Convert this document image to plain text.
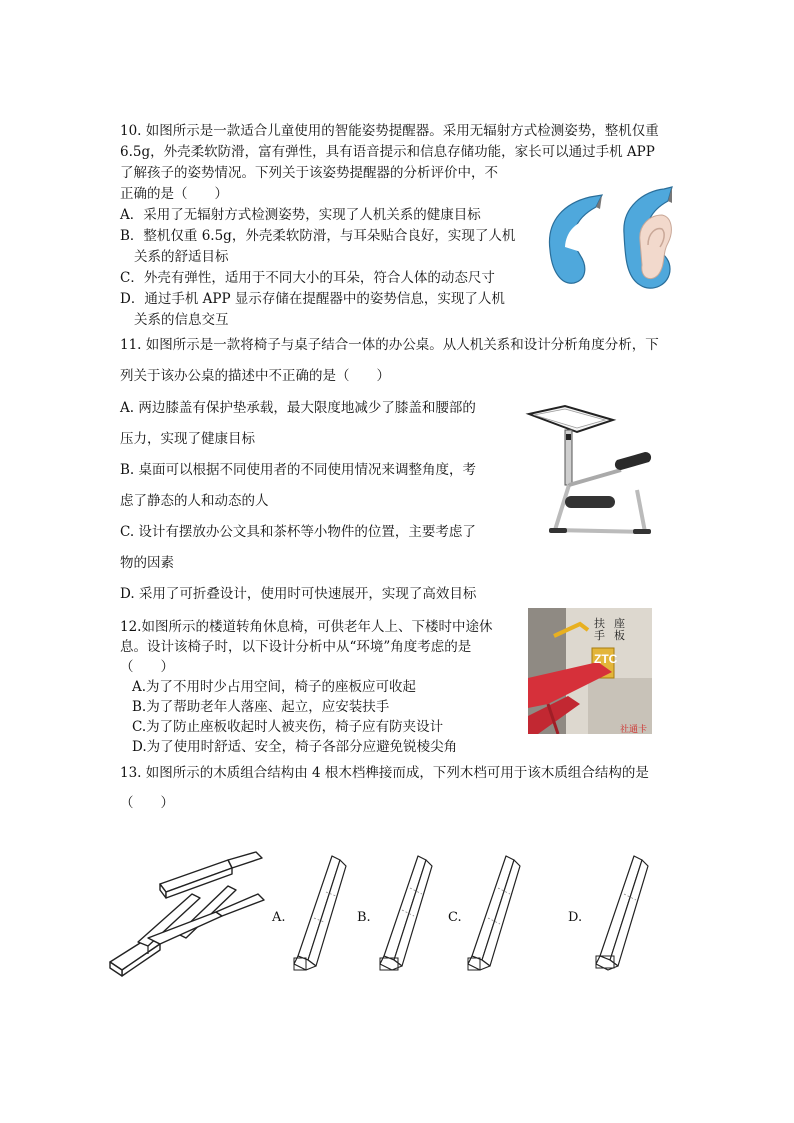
10. 如图所示是一款适合儿童使用的智能姿势提醒器。采用无辐射方式检测姿势，整机仅重
6.5g，外壳柔软防滑，富有弹性，具有语音提示和信息存储功能，家长可以通过手机 APP
了解孩子的姿势情况。下列关于该姿势提醒器的分析评价中，不
正确的是（　　）
A．采用了无辐射方式检测姿势，实现了人机关系的健康目标
B．整机仅重 6.5g，外壳柔软防滑，与耳朵贴合良好，实现了人机
关系的舒适目标
C．外壳有弹性，适用于不同大小的耳朵，符合人体的动态尺寸
D．通过手机 APP 显示存储在提醒器中的姿势信息，实现了人机
关系的信息交互
11. 如图所示是一款将椅子与桌子结合一体的办公桌。从人机关系和设计分析角度分析，下
列关于该办公桌的描述中不正确的是（　　）
A. 两边膝盖有保护垫承载，最大限度地减少了膝盖和腰部的
压力，实现了健康目标
B. 桌面可以根据不同使用者的不同使用情况来调整角度，考
虑了静态的人和动态的人
C. 设计有摆放办公文具和茶杯等小物件的位置，主要考虑了
物的因素
D. 采用了可折叠设计，使用时可快速展开，实现了高效目标
12.如图所示的楼道转角休息椅，可供老年人上、下楼时中途休
息。设计该椅子时，以下设计分析中从“环境”角度考虑的是
（　　）
A.为了不用时少占用空间，椅子的座板应可收起
B.为了帮助老年人落座、起立，应安装扶手
C.为了防止座板收起时人被夹伤，椅子应有防夹设计
D.为了使用时舒适、安全，椅子各部分应避免锐棱尖角
扶手
座板
ZTC
社通卡
13. 如图所示的木质组合结构由 4 根木档榫接而成，下列木档可用于该木质组合结构的是
（　　）
A.	B.	C.	D.
